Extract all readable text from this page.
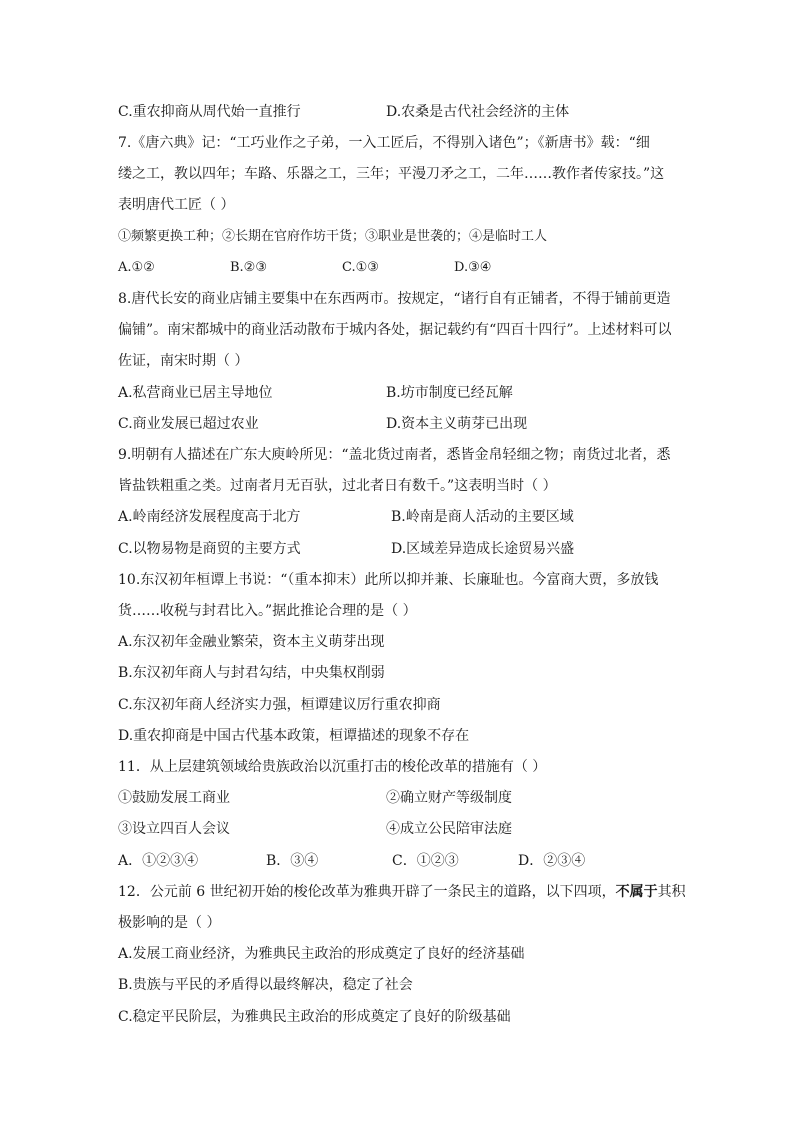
C.重农抑商从周代始一直推行	D.农桑是古代社会经济的主体
7.《唐六典》记：“工巧业作之子弟，一入工匠后，不得别入诸色”；《新唐书》载：“细
缕之工，教以四年；车路、乐器之工，三年；平漫刀矛之工，二年……教作者传家技。”这
表明唐代工匠（ ）
①频繁更换工种；②长期在官府作坊干货；③职业是世袭的；④是临时工人
A.①②	B.②③	C.①③	D.③④
8.唐代长安的商业店铺主要集中在东西两市。按规定，“诸行自有正铺者，不得于铺前更造
偏铺”。南宋都城中的商业活动散布于城内各处，据记载约有“四百十四行”。上述材料可以
佐证，南宋时期（ ）
A.私营商业已居主导地位	B.坊市制度已经瓦解
C.商业发展已超过农业	D.资本主义萌芽已出现
9.明朝有人描述在广东大庾岭所见：“盖北货过南者，悉皆金帛轻细之物；南货过北者，悉
皆盐铁粗重之类。过南者月无百驮，过北者日有数千。”这表明当时（ ）
A.岭南经济发展程度高于北方	B.岭南是商人活动的主要区域
C.以物易物是商贸的主要方式	D.区域差异造成长途贸易兴盛
10.东汉初年桓谭上书说：“（重本抑末）此所以抑并兼、长廉耻也。今富商大贾，多放钱
货……收税与封君比入。”据此推论合理的是（ ）
A.东汉初年金融业繁荣，资本主义萌芽出现
B.东汉初年商人与封君勾结，中央集权削弱
C.东汉初年商人经济实力强，桓谭建议厉行重农抑商
D.重农抑商是中国古代基本政策，桓谭描述的现象不存在
11．从上层建筑领域给贵族政治以沉重打击的梭伦改革的措施有（ ）
①鼓励发展工商业	②确立财产等级制度
③设立四百人会议	④成立公民陪审法庭
A．①②③④	B．③④	C．①②③	D．②③④
12．公元前 6 世纪初开始的梭伦改革为雅典开辟了一条民主的道路，以下四项，不属于其积
极影响的是（ ）
A.发展工商业经济，为雅典民主政治的形成奠定了良好的经济基础
B.贵族与平民的矛盾得以最终解决，稳定了社会
C.稳定平民阶层，为雅典民主政治的形成奠定了良好的阶级基础
